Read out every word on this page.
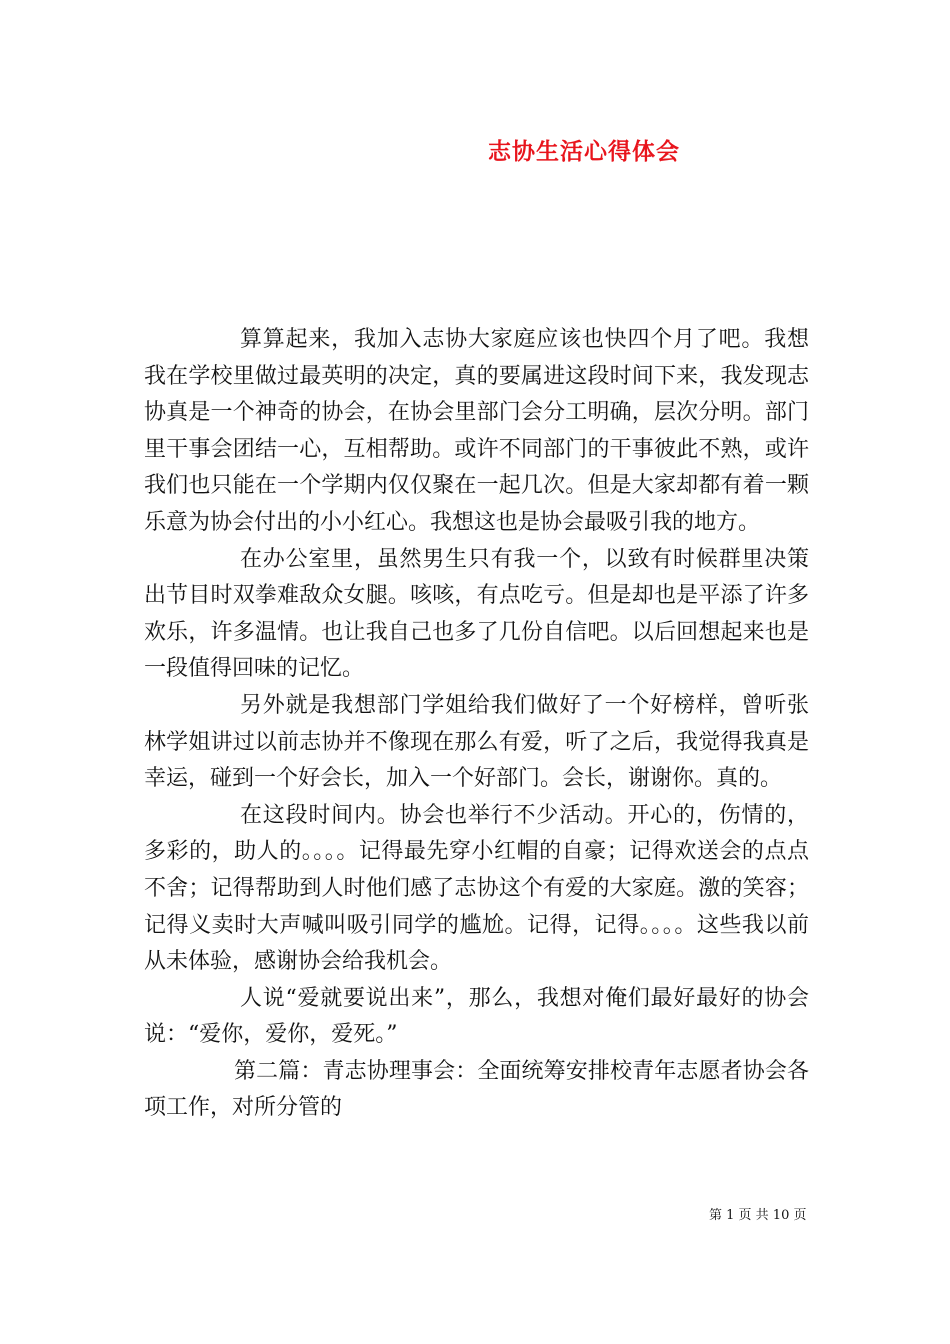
志协生活心得体会

算算起来，我加入志协大家庭应该也快四个月了吧。我想我在学校里做过最英明的决定，真的要属进这段时间下来，我发现志协真是一个神奇的协会，在协会里部门会分工明确，层次分明。部门里干事会团结一心，互相帮助。或许不同部门的干事彼此不熟，或许我们也只能在一个学期内仅仅聚在一起几次。但是大家却都有着一颗乐意为协会付出的小小红心。我想这也是协会最吸引我的地方。

在办公室里，虽然男生只有我一个，以致有时候群里决策出节目时双拳难敌众女腿。咳咳，有点吃亏。但是却也是平添了许多欢乐，许多温情。也让我自己也多了几份自信吧。以后回想起来也是一段值得回味的记忆。

另外就是我想部门学姐给我们做好了一个好榜样，曾听张林学姐讲过以前志协并不像现在那么有爱，听了之后，我觉得我真是幸运，碰到一个好会长，加入一个好部门。会长，谢谢你。真的。

在这段时间内。协会也举行不少活动。开心的，伤情的，多彩的，助人的。。。。记得最先穿小红帽的自豪；记得欢送会的点点不舍；记得帮助到人时他们感了志协这个有爱的大家庭。激的笑容；记得义卖时大声喊叫吸引同学的尴尬。记得，记得。。。。这些我以前从未体验，感谢协会给我机会。

人说“爱就要说出来”，那么，我想对俺们最好最好的协会说：“爱你，爱你，爱死。”

第二篇：青志协理事会：全面统筹安排校青年志愿者协会各项工作，对所分管的

第 1 页 共 10 页
